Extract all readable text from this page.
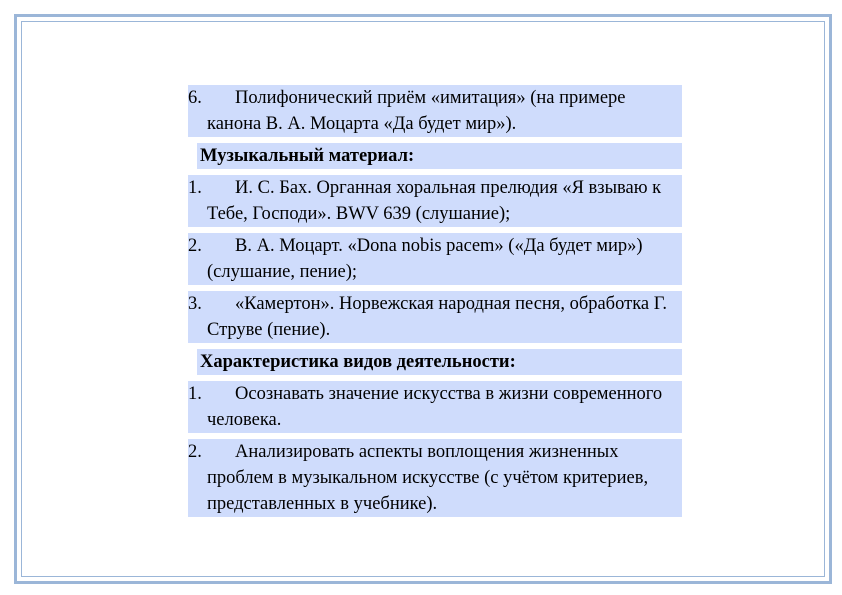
6.	Полифонический приём «имитация» (на примере канона В. А. Моцарта «Да будет мир»).
Музыкальный материал:
1.	И. С. Бах. Органная хоральная прелюдия «Я взываю к Тебе, Господи». BWV 639 (слушание);
2.	В. А. Моцарт. «Dona nobis pacem» («Да будет мир») (слушание, пение);
3.	«Камертон». Норвежская народная песня, обработка Г. Струве (пение).
Характеристика видов деятельности:
1.	Осознавать значение искусства в жизни современного человека.
2.	Анализировать аспекты воплощения жизненных проблем в музыкальном искусстве (с учётом критериев, представленных в учебнике).
